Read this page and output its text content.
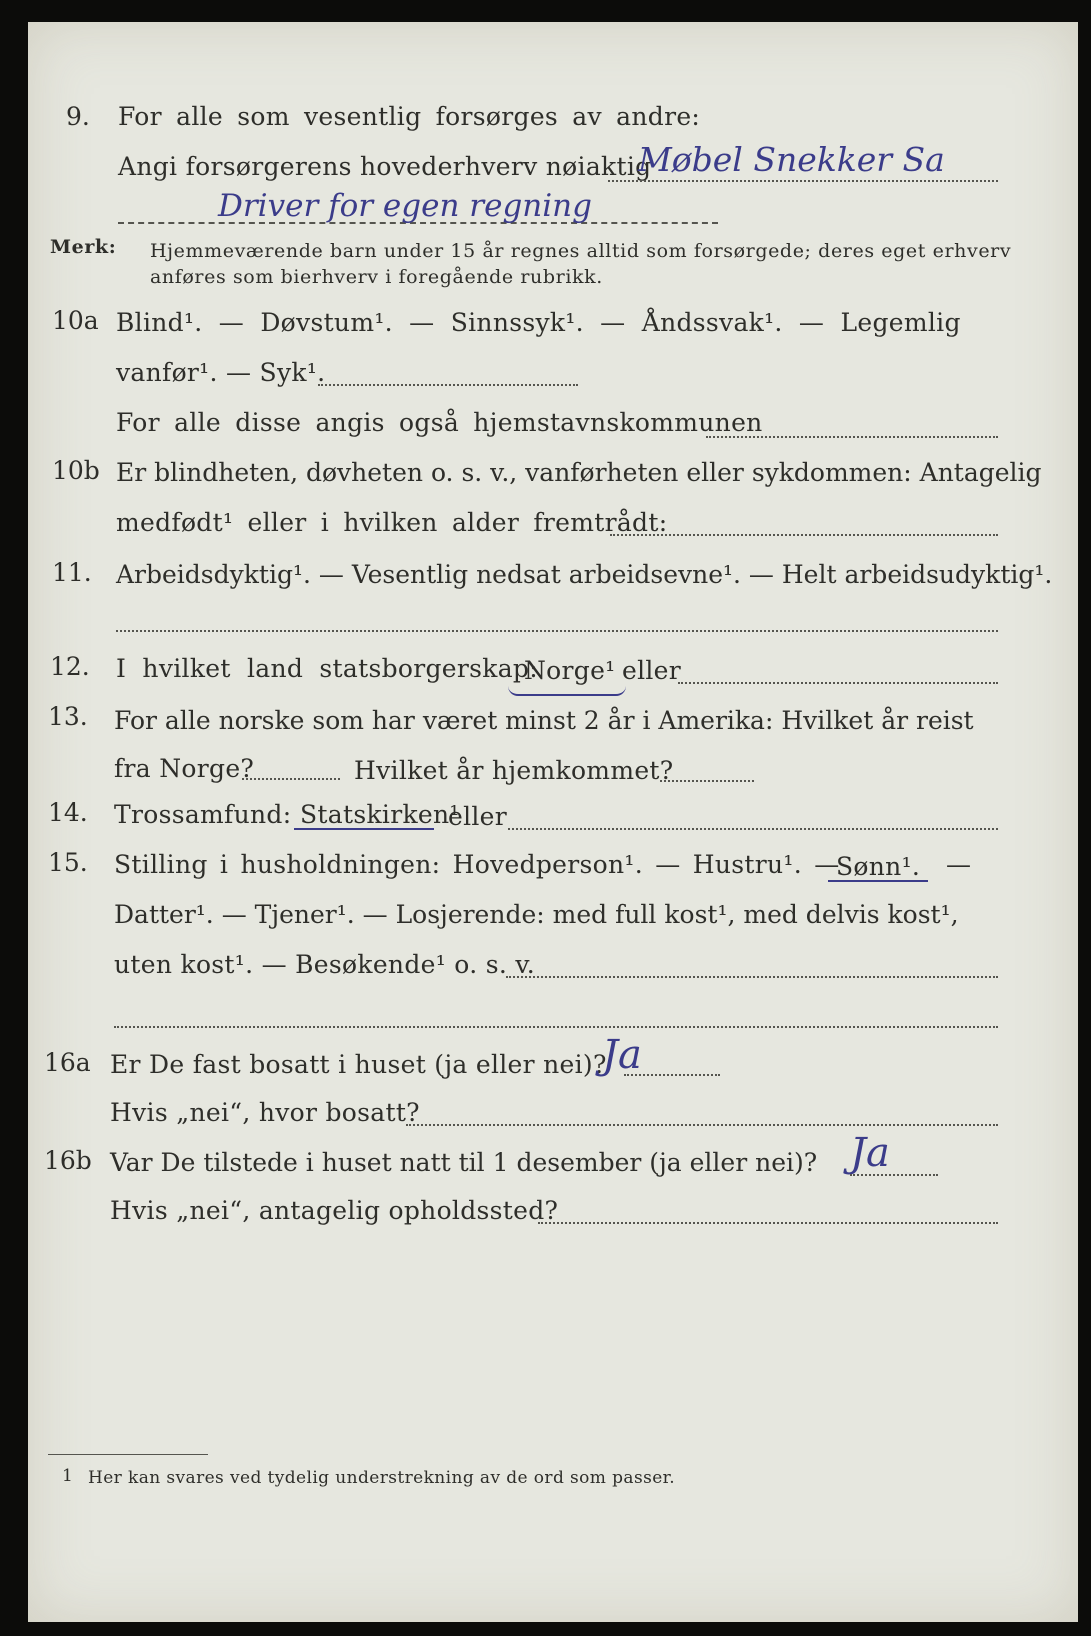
9. For alle som vesentlig forsørges av andre:
Angi forsørgerens hovederhverv nøiaktig
Møbel Snekker Sa
Driver for egen regning
Merk: Hjemmeværende barn under 15 år regnes alltid som forsørgede; deres eget erhverv
anføres som bierhverv i foregående rubrikk.
10a Blind¹. — Døvstum¹. — Sinnssyk¹. — Åndssvak¹. — Legemlig
vanfør¹. — Syk¹.
For alle disse angis også hjemstavnskommunen
10b Er blindheten, døvheten o. s. v., vanførheten eller sykdommen: Antagelig
medfødt¹ eller i hvilken alder fremtrådt:
11. Arbeidsdyktig¹. — Vesentlig nedsat arbeidsevne¹. — Helt arbeidsudyktig¹.
12. I hvilket land statsborgerskap:
Norge¹ eller
13. For alle norske som har været minst 2 år i Amerika: Hvilket år reist
fra Norge?	Hvilket år hjemkommet?
14. Trossamfund: Statskirken¹
eller
15. Stilling i husholdningen: Hovedperson¹. — Hustru¹. —
Sønn¹. —
Datter¹. — Tjener¹. — Losjerende: med full kost¹, med delvis kost¹,
uten kost¹. — Besøkende¹ o. s. v.
16a Er De fast bosatt i huset (ja eller nei)?
Ja
Hvis „nei“, hvor bosatt?
16b Var De tilstede i huset natt til 1 desember (ja eller nei)? Ja
Hvis „nei“, antagelig opholdssted?
1 Her kan svares ved tydelig understrekning av de ord som passer.
